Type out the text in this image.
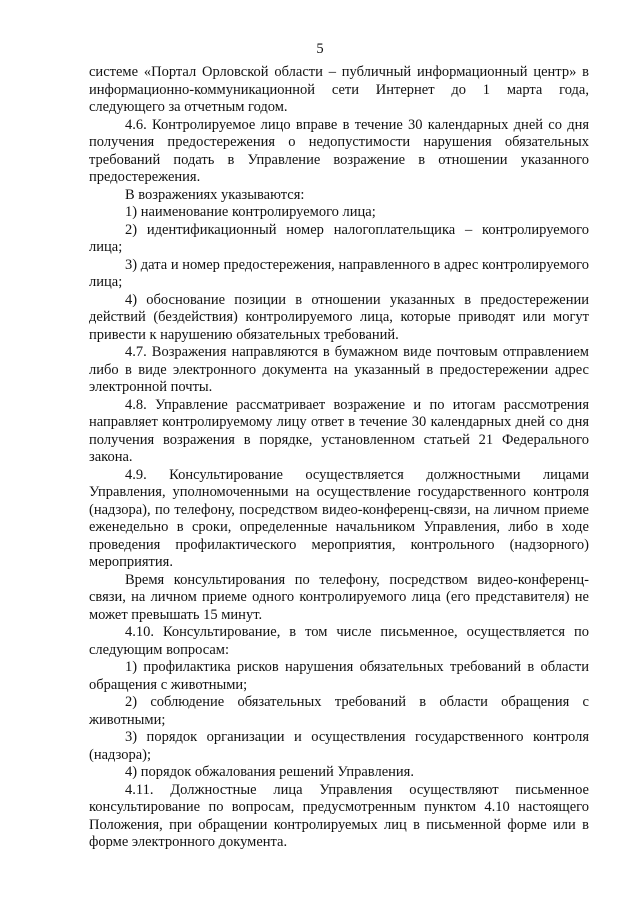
5

системе «Портал Орловской области – публичный информационный центр» в информационно-коммуникационной сети Интернет до 1 марта года, следующего за отчетным годом.

4.6. Контролируемое лицо вправе в течение 30 календарных дней со дня получения предостережения о недопустимости нарушения обязательных требований подать в Управление возражение в отношении указанного предостережения.

В возражениях указываются:

1) наименование контролируемого лица;

2) идентификационный номер налогоплательщика – контролируемого лица;

3) дата и номер предостережения, направленного в адрес контролируемого лица;

4) обоснование позиции в отношении указанных в предостережении действий (бездействия) контролируемого лица, которые приводят или могут привести к нарушению обязательных требований.

4.7. Возражения направляются в бумажном виде почтовым отправлением либо в виде электронного документа на указанный в предостережении адрес электронной почты.

4.8. Управление рассматривает возражение и по итогам рассмотрения направляет контролируемому лицу ответ в течение 30 календарных дней со дня получения возражения в порядке, установленном статьей 21 Федерального закона.

4.9. Консультирование осуществляется должностными лицами Управления, уполномоченными на осуществление государственного контроля (надзора), по телефону, посредством видео-конференц-связи, на личном приеме еженедельно в сроки, определенные начальником Управления, либо в ходе проведения профилактического мероприятия, контрольного (надзорного) мероприятия.

Время консультирования по телефону, посредством видео-конференц-связи, на личном приеме одного контролируемого лица (его представителя) не может превышать 15 минут.

4.10. Консультирование, в том числе письменное, осуществляется по следующим вопросам:

1) профилактика рисков нарушения обязательных требований в области обращения с животными;

2) соблюдение обязательных требований в области обращения с животными;

3) порядок организации и осуществления государственного контроля (надзора);

4) порядок обжалования решений Управления.

4.11. Должностные лица Управления осуществляют письменное консультирование по вопросам, предусмотренным пунктом 4.10 настоящего Положения, при обращении контролируемых лиц в письменной форме или в форме электронного документа.
